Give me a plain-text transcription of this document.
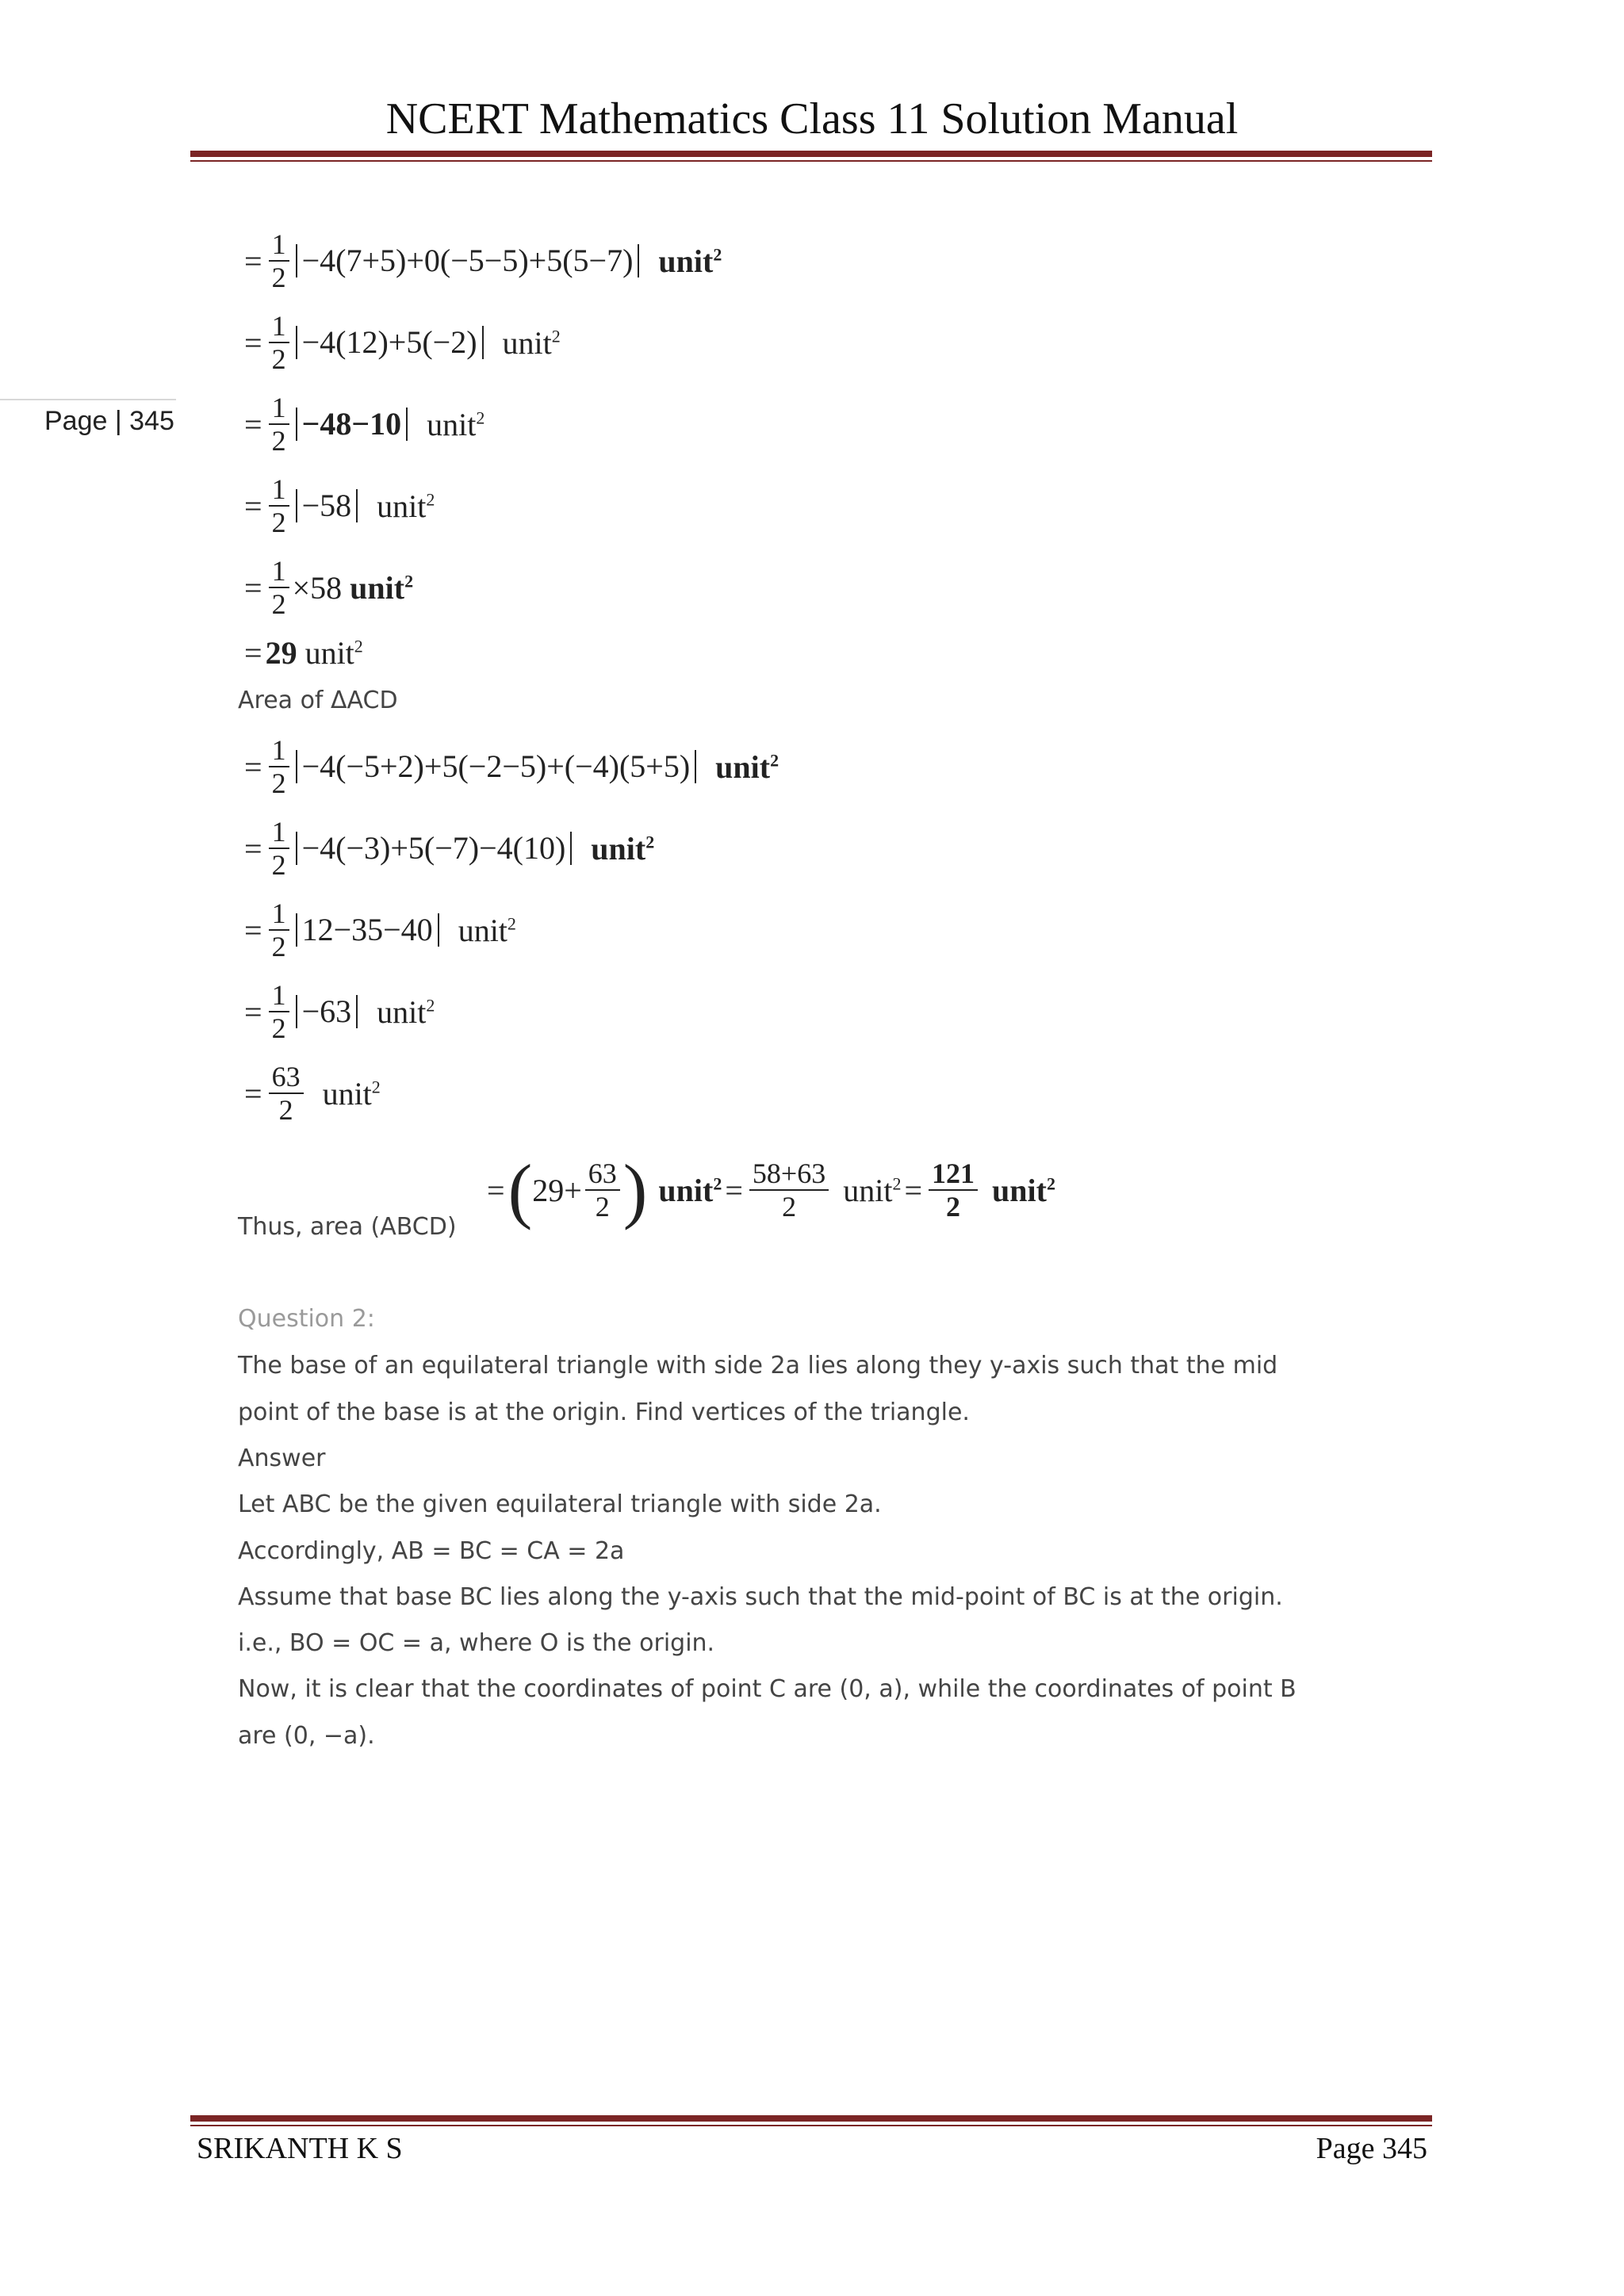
NCERT Mathematics Class 11 Solution Manual
Page | 345
= $\frac{1}{2} -4(7+5)+0(-5-5)+5(5-7)$ unit$^2$
= $\frac{1}{2} -4(12)+5(-2)$ unit$^2$
= $\frac{1}{2} -48-10$ unit$^2$
= $\frac{1}{2} -58$ unit$^2$
= $\frac{1}{2} \times 58$ unit$^2$
= 29 unit$^2$
Area of ΔACD
= $\frac{1}{2} -4(-5+2)+5(-2-5)+(-4)(5+5)$ unit$^2$
= $\frac{1}{2} -4(-3)+5(-7)-4(10)$ unit$^2$
= $\frac{1}{2} 12-35-40$ unit$^2$
= $\frac{1}{2} -63$ unit$^2$
= $\frac{63}{2}$ unit$^2$
Thus, area (ABCD)
= ( $29+ \frac{63}{2}$ ) unit$^2$ = $\frac{58+63}{2}$ unit$^2$ = $\frac{121}{2}$ unit$^2$
Question 2:
The base of an equilateral triangle with side 2a lies along they y-axis such that the mid
point of the base is at the origin. Find vertices of the triangle.
Answer
Let ABC be the given equilateral triangle with side 2a.
Accordingly, AB = BC = CA = 2a
Assume that base BC lies along the y-axis such that the mid-point of BC is at the origin.
i.e., BO = OC = a, where O is the origin.
Now, it is clear that the coordinates of point C are (0, a), while the coordinates of point B
are (0, −a).
SRIKANTH K S	Page 345
